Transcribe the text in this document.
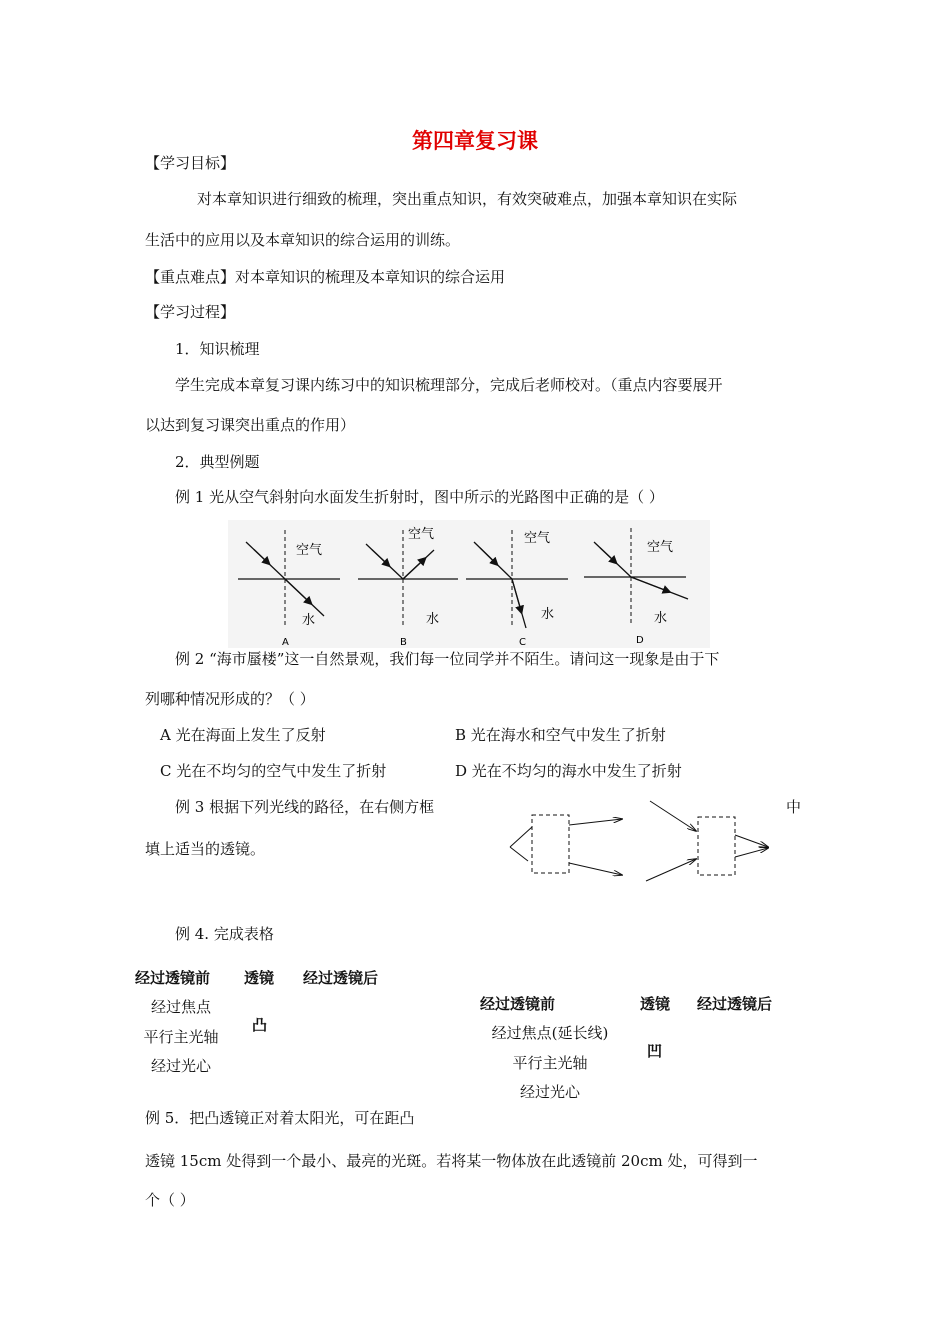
第四章复习课
【学习目标】
对本章知识进行细致的梳理，突出重点知识，有效突破难点，加强本章知识在实际
生活中的应用以及本章知识的综合运用的训练。
【重点难点】对本章知识的梳理及本章知识的综合运用
【学习过程】
1．知识梳理
学生完成本章复习课内练习中的知识梳理部分，完成后老师校对。（重点内容要展开
以达到复习课突出重点的作用）
2．典型例题
例 1 光从空气斜射向水面发生折射时，图中所示的光路图中正确的是（ ）
空气
水
A
空气
水
B
空气
水
C
空气
水
D
例 2 “海市蜃楼”这一自然景观，我们每一位同学并不陌生。请问这一现象是由于下
列哪种情况形成的？（ ）
A 光在海面上发生了反射	B 光在海水和空气中发生了折射
C 光在不均匀的空气中发生了折射	D 光在不均匀的海水中发生了折射
例 3 根据下列光线的路径，在右侧方框	中
填上适当的透镜。
例 4. 完成表格
经过透镜前 透镜 经过透镜后
经过焦点
平行主光轴
经过光心
凸
经过透镜前	透镜 经过透镜后
经过焦点(延长线)
平行主光轴
经过光心
凹
例 5．把凸透镜正对着太阳光，可在距凸
透镜 15cm 处得到一个最小、最亮的光斑。若将某一物体放在此透镜前 20cm 处，可得到一
个（ ）
